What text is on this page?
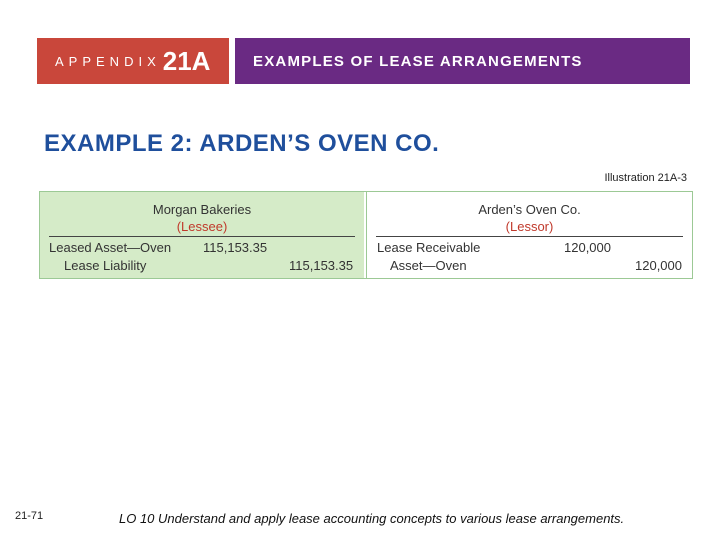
APPENDIX 21A	EXAMPLES OF LEASE ARRANGEMENTS
EXAMPLE 2: ARDEN’S OVEN CO.
Illustration 21A-3
Morgan Bakeries
(Lessee)
Leased Asset—Oven 115,153.35
Lease Liability	115,153.35
Arden’s Oven Co.
(Lessor)
Lease Receivable	120,000
Asset—Oven	120,000
21-71	LO 10 Understand and apply lease accounting concepts to various lease arrangements.
